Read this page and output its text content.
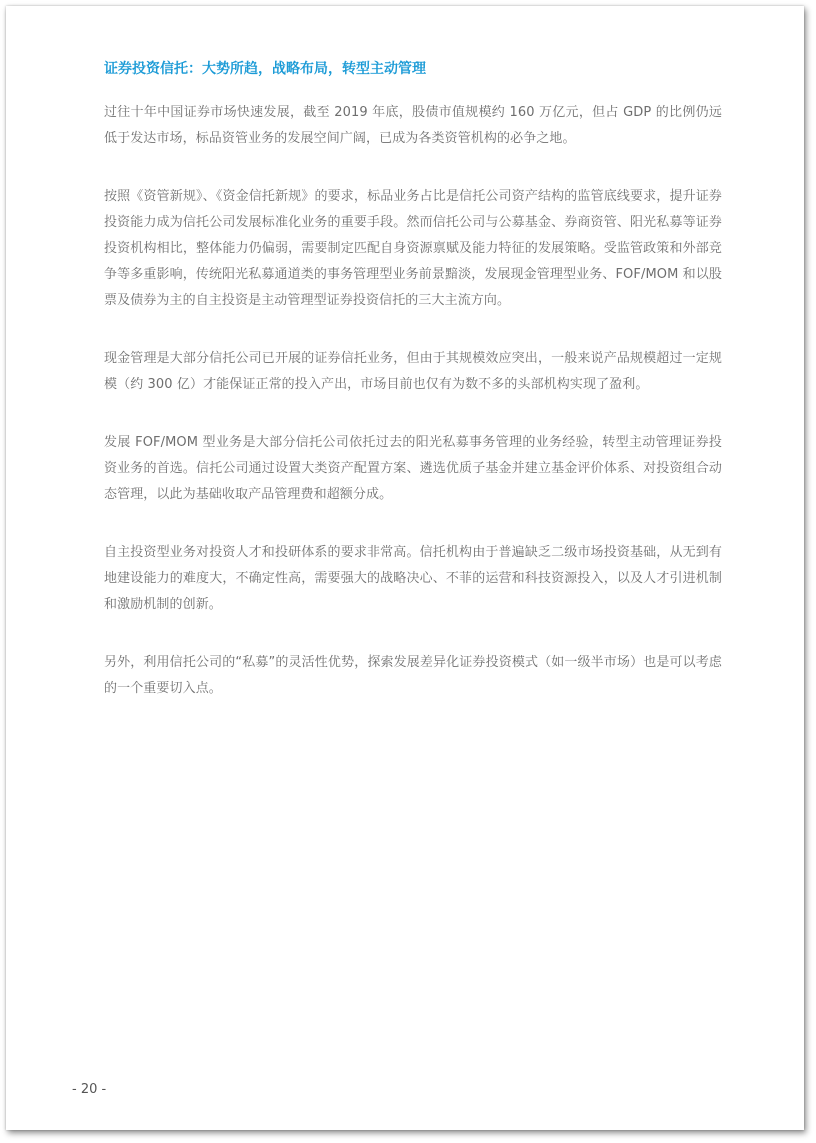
证券投资信托：大势所趋，战略布局，转型主动管理

过往十年中国证券市场快速发展，截至 2019 年底，股债市值规模约 160 万亿元，但占 GDP 的比例仍远低于发达市场，标品资管业务的发展空间广阔，已成为各类资管机构的必争之地。

按照《资管新规》、《资金信托新规》的要求，标品业务占比是信托公司资产结构的监管底线要求，提升证券投资能力成为信托公司发展标准化业务的重要手段。然而信托公司与公募基金、券商资管、阳光私募等证券投资机构相比，整体能力仍偏弱，需要制定匹配自身资源禀赋及能力特征的发展策略。受监管政策和外部竞争等多重影响，传统阳光私募通道类的事务管理型业务前景黯淡，发展现金管理型业务、FOF/MOM 和以股票及债券为主的自主投资是主动管理型证券投资信托的三大主流方向。

现金管理是大部分信托公司已开展的证券信托业务，但由于其规模效应突出，一般来说产品规模超过一定规模（约 300 亿）才能保证正常的投入产出，市场目前也仅有为数不多的头部机构实现了盈利。

发展 FOF/MOM 型业务是大部分信托公司依托过去的阳光私募事务管理的业务经验，转型主动管理证券投资业务的首选。信托公司通过设置大类资产配置方案、遴选优质子基金并建立基金评价体系、对投资组合动态管理，以此为基础收取产品管理费和超额分成。

自主投资型业务对投资人才和投研体系的要求非常高。信托机构由于普遍缺乏二级市场投资基础，从无到有地建设能力的难度大，不确定性高，需要强大的战略决心、不菲的运营和科技资源投入，以及人才引进机制和激励机制的创新。

另外，利用信托公司的“私募”的灵活性优势，探索发展差异化证券投资模式（如一级半市场）也是可以考虑的一个重要切入点。

- 20 -
